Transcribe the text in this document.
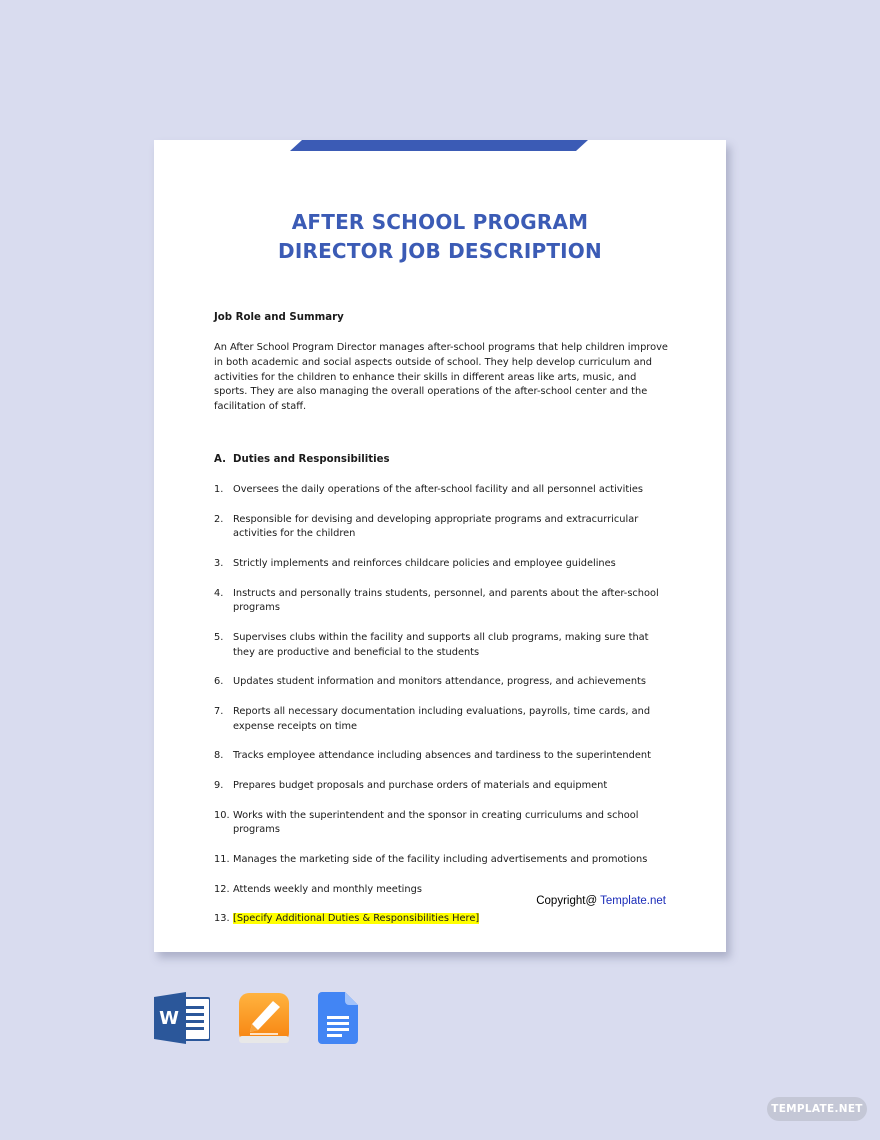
AFTER SCHOOL PROGRAM
DIRECTOR JOB DESCRIPTION

Job Role and Summary

An After School Program Director manages after-school programs that help children improve in both academic and social aspects outside of school. They help develop curriculum and activities for the children to enhance their skills in different areas like arts, music, and sports. They are also managing the overall operations of the after-school center and the facilitation of staff.

A. Duties and Responsibilities
1. Oversees the daily operations of the after-school facility and all personnel activities
2. Responsible for devising and developing appropriate programs and extracurricular activities for the children
3. Strictly implements and reinforces childcare policies and employee guidelines
4. Instructs and personally trains students, personnel, and parents about the after-school programs
5. Supervises clubs within the facility and supports all club programs, making sure that they are productive and beneficial to the students
6. Updates student information and monitors attendance, progress, and achievements
7. Reports all necessary documentation including evaluations, payrolls, time cards, and expense receipts on time
8. Tracks employee attendance including absences and tardiness to the superintendent
9. Prepares budget proposals and purchase orders of materials and equipment
10. Works with the superintendent and the sponsor in creating curriculums and school programs
11. Manages the marketing side of the facility including advertisements and promotions
12. Attends weekly and monthly meetings
13. [Specify Additional Duties & Responsibilities Here]
Copyright@ Template.net
W
TEMPLATE.NET
